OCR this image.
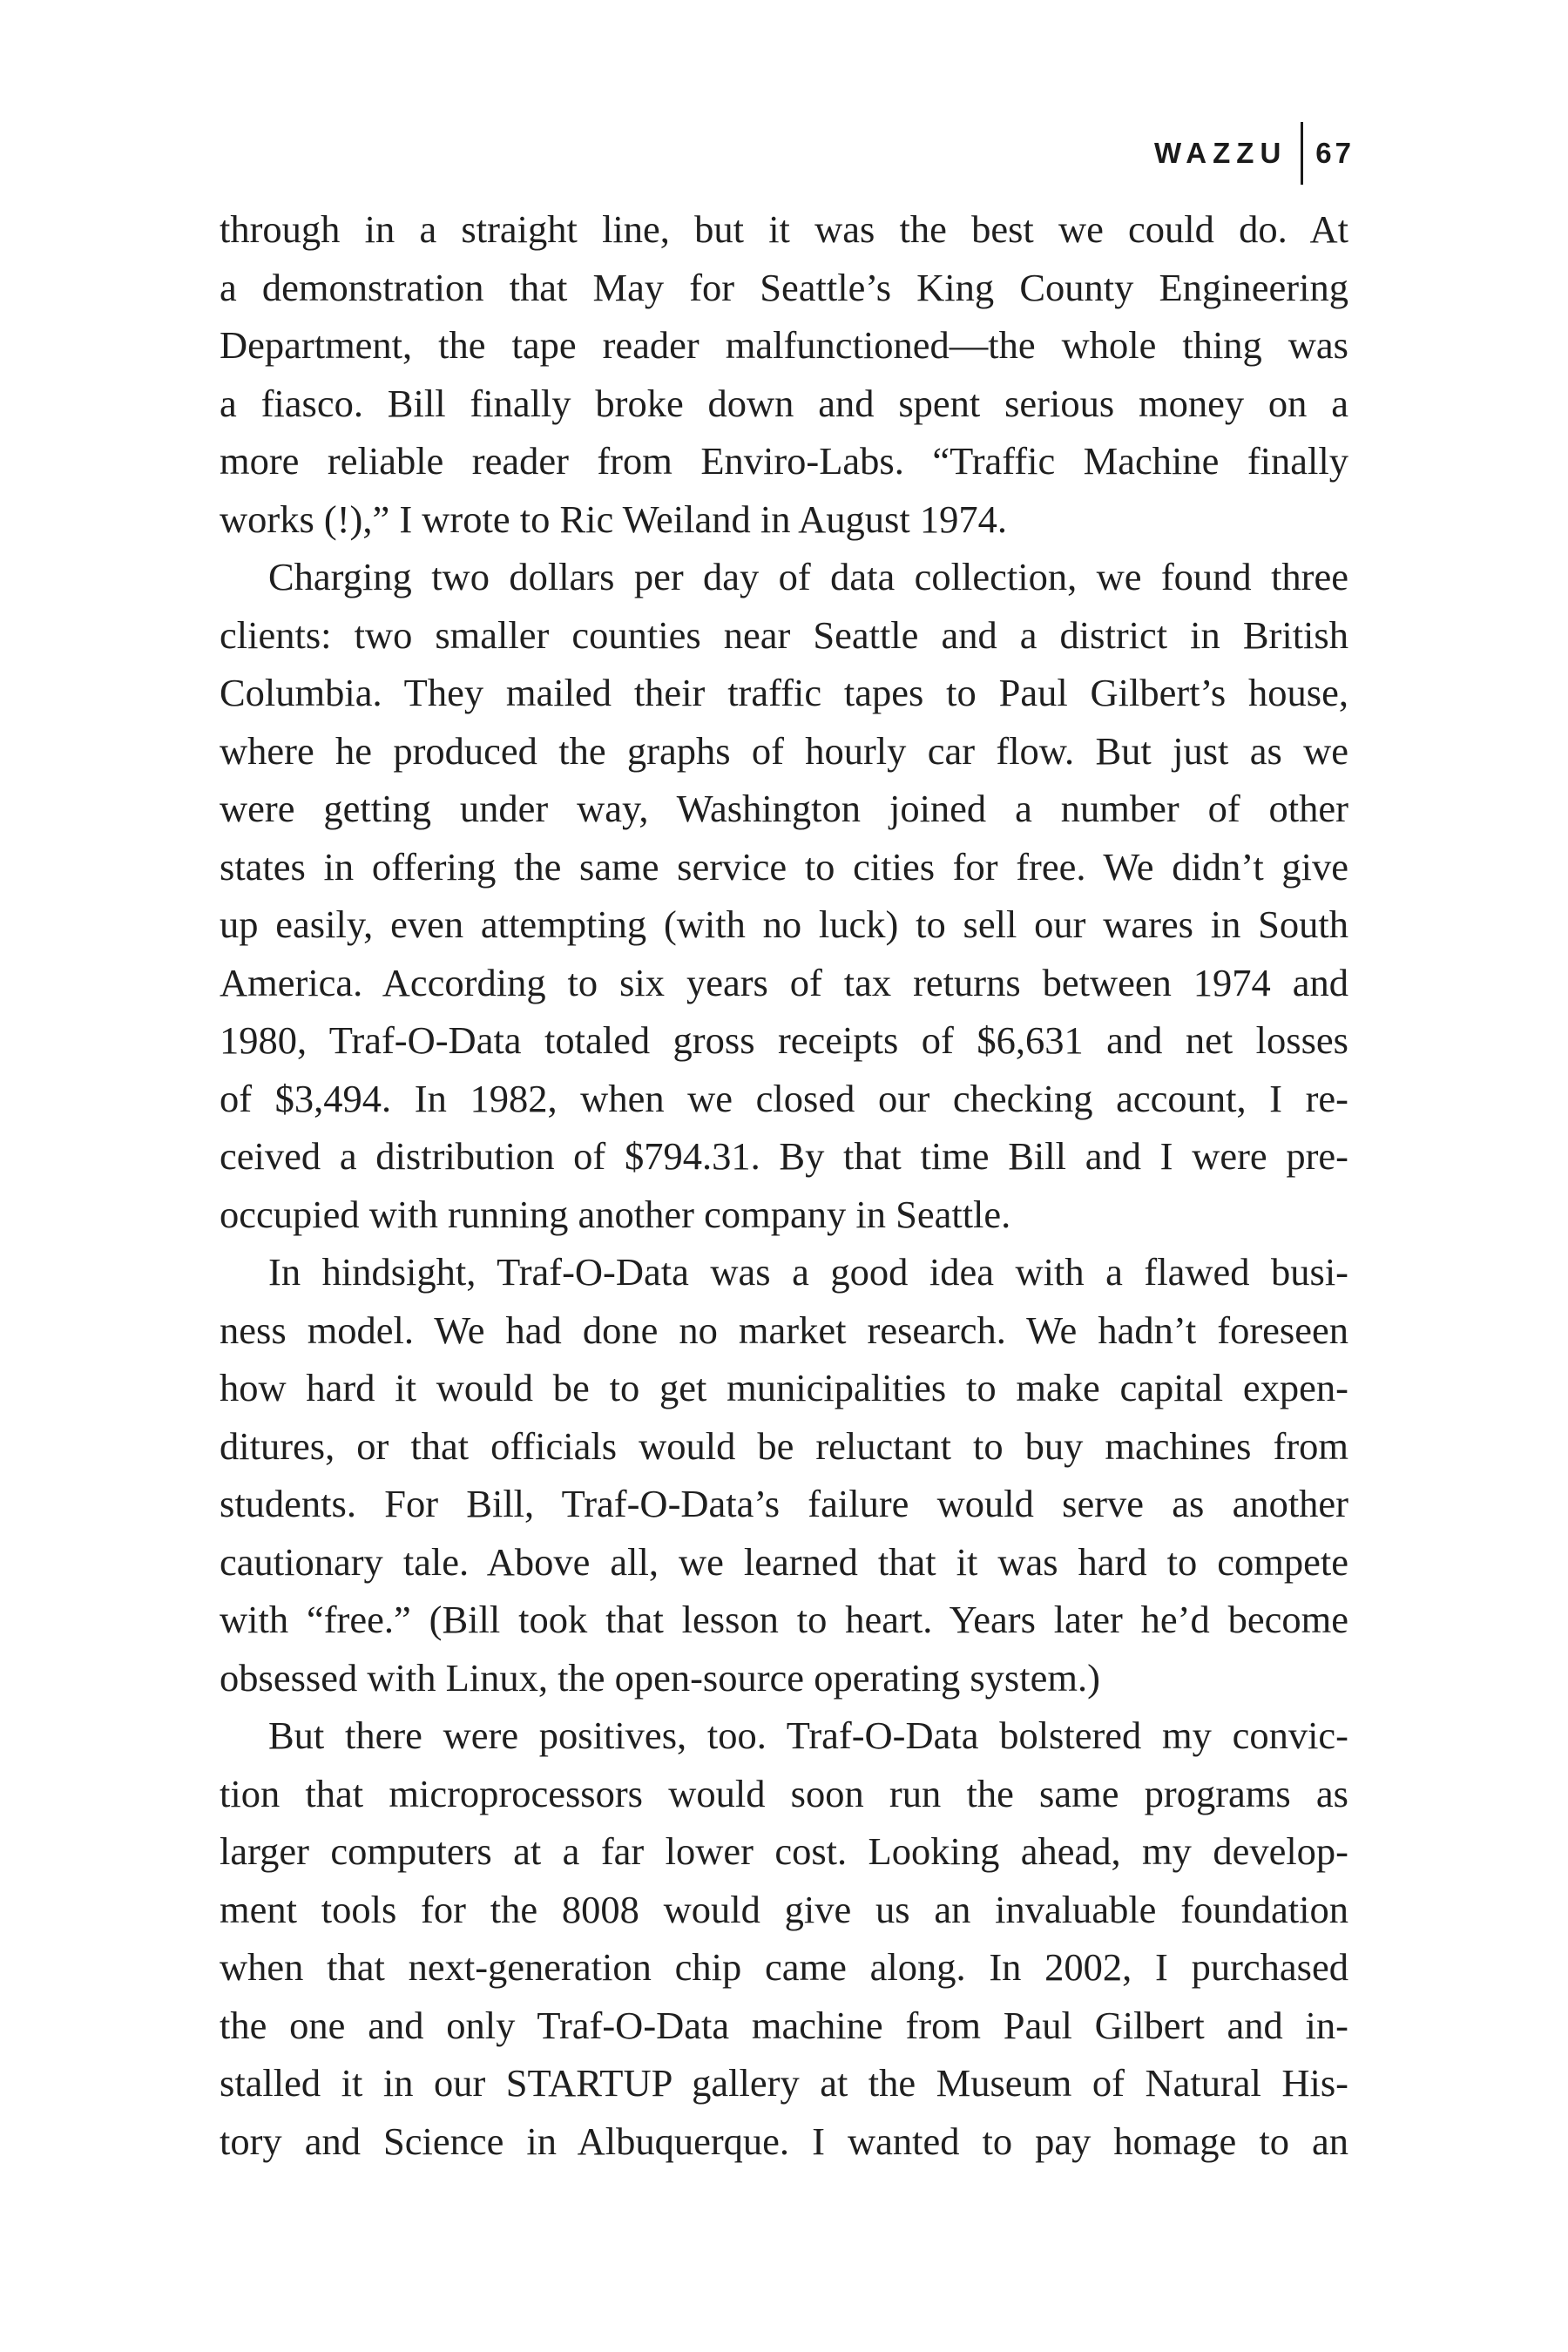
WAZZU	67

through in a straight line, but it was the best we could do. At

a demonstration that May for Seattle’s King County Engineering

Department, the tape reader malfunctioned—the whole thing was

a fiasco. Bill finally broke down and spent serious money on a

more reliable reader from Enviro-Labs. “Traffic Machine finally

works (!),” I wrote to Ric Weiland in August 1974.

Charging two dollars per day of data collection, we found three

clients: two smaller counties near Seattle and a district in British

Columbia. They mailed their traffic tapes to Paul Gilbert’s house,

where he produced the graphs of hourly car flow. But just as we

were getting under way, Washington joined a number of other

states in offering the same service to cities for free. We didn’t give

up easily, even attempting (with no luck) to sell our wares in South

America. According to six years of tax returns between 1974 and

1980, Traf-O-Data totaled gross receipts of $6,631 and net losses

of $3,494. In 1982, when we closed our checking account, I re-

ceived a distribution of $794.31. By that time Bill and I were pre-

occupied with running another company in Seattle.

In hindsight, Traf-O-Data was a good idea with a flawed busi-

ness model. We had done no market research. We hadn’t foreseen

how hard it would be to get municipalities to make capital expen-

ditures, or that officials would be reluctant to buy machines from

students. For Bill, Traf-O-Data’s failure would serve as another

cautionary tale. Above all, we learned that it was hard to compete

with “free.” (Bill took that lesson to heart. Years later he’d become

obsessed with Linux, the open-source operating system.)

But there were positives, too. Traf-O-Data bolstered my convic-

tion that microprocessors would soon run the same programs as

larger computers at a far lower cost. Looking ahead, my develop-

ment tools for the 8008 would give us an invaluable foundation

when that next-generation chip came along. In 2002, I purchased

the one and only Traf-O-Data machine from Paul Gilbert and in-

stalled it in our STARTUP gallery at the Museum of Natural His-

tory and Science in Albuquerque. I wanted to pay homage to an
